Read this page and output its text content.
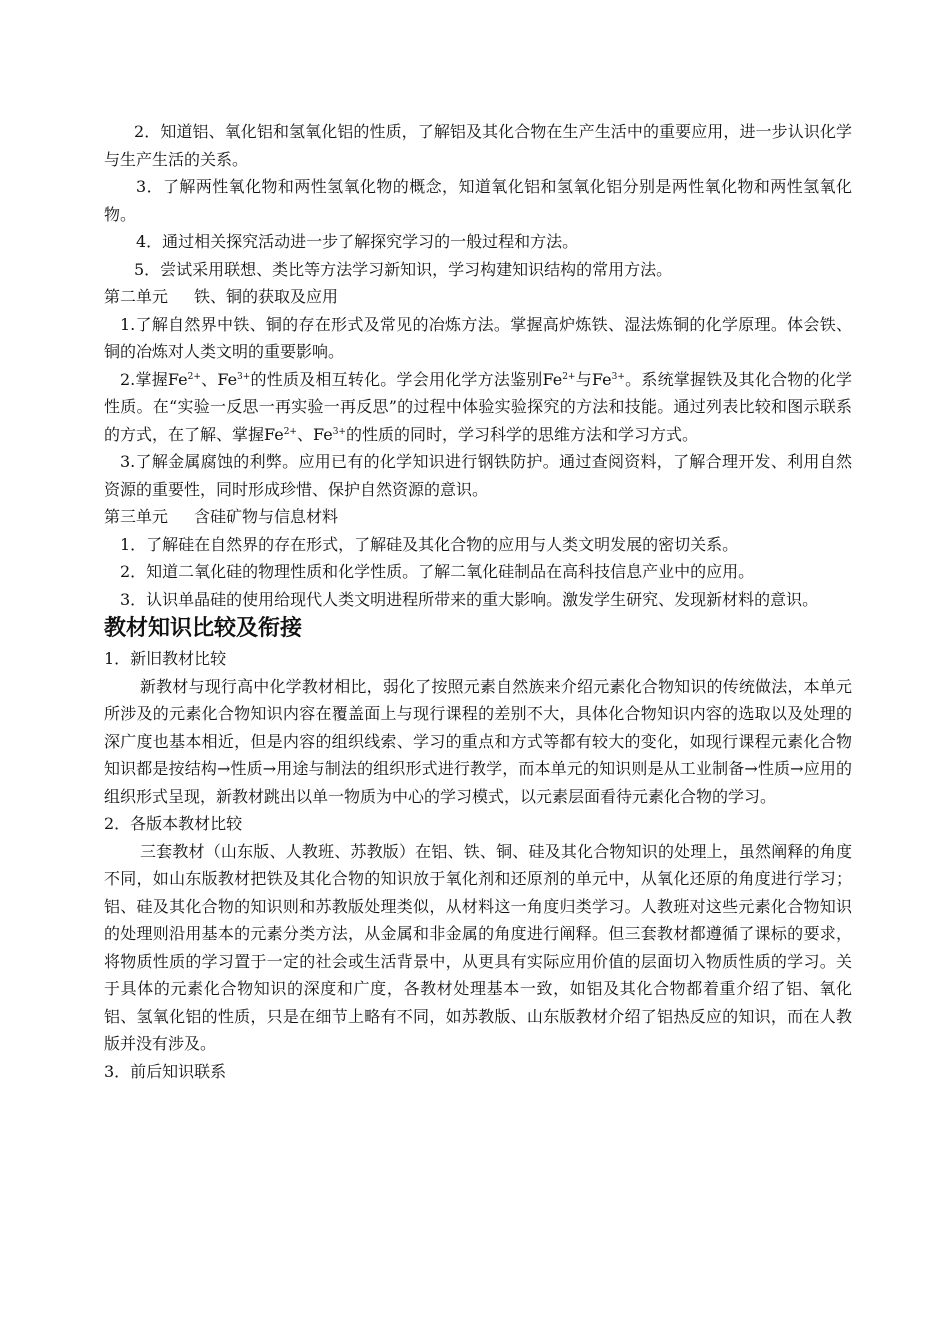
2．知道铝、氧化铝和氢氧化铝的性质，了解铝及其化合物在生产生活中的重要应用，进一步认识化学与生产生活的关系。

3．了解两性氧化物和两性氢氧化物的概念，知道氧化铝和氢氧化铝分别是两性氧化物和两性氢氧化物。

4．通过相关探究活动进一步了解探究学习的一般过程和方法。

5．尝试采用联想、类比等方法学习新知识，学习构建知识结构的常用方法。

第二单元 铁、铜的获取及应用

1.了解自然界中铁、铜的存在形式及常见的冶炼方法。掌握高炉炼铁、湿法炼铜的化学原理。体会铁、铜的冶炼对人类文明的重要影响。

2.掌握$Fe^{2+}$、$Fe^{3+}$的性质及相互转化。学会用化学方法鉴别$Fe^{2+}$与$Fe^{3+}$。系统掌握铁及其化合物的化学性质。在“实验一反思一再实验一再反思”的过程中体验实验探究的方法和技能。通过列表比较和图示联系的方式，在了解、掌握$Fe^{2+}$、$Fe^{3+}$的性质的同时，学习科学的思维方法和学习方式。

3.了解金属腐蚀的利弊。应用已有的化学知识进行钢铁防护。通过查阅资料，了解合理开发、利用自然资源的重要性，同时形成珍惜、保护自然资源的意识。

第三单元 含硅矿物与信息材料

1．了解硅在自然界的存在形式，了解硅及其化合物的应用与人类文明发展的密切关系。

2．知道二氧化硅的物理性质和化学性质。了解二氧化硅制品在高科技信息产业中的应用。

3．认识单晶硅的使用给现代人类文明进程所带来的重大影响。激发学生研究、发现新材料的意识。

教材知识比较及衔接

1．新旧教材比较

新教材与现行高中化学教材相比，弱化了按照元素自然族来介绍元素化合物知识的传统做法，本单元所涉及的元素化合物知识内容在覆盖面上与现行课程的差别不大，具体化合物知识内容的选取以及处理的深广度也基本相近，但是内容的组织线索、学习的重点和方式等都有较大的变化，如现行课程元素化合物知识都是按结构→性质→用途与制法的组织形式进行教学，而本单元的知识则是从工业制备→性质→应用的组织形式呈现，新教材跳出以单一物质为中心的学习模式，以元素层面看待元素化合物的学习。

2．各版本教材比较

三套教材（山东版、人教班、苏教版）在铝、铁、铜、硅及其化合物知识的处理上，虽然阐释的角度不同，如山东版教材把铁及其化合物的知识放于氧化剂和还原剂的单元中，从氧化还原的角度进行学习；铝、硅及其化合物的知识则和苏教版处理类似，从材料这一角度归类学习。人教班对这些元素化合物知识的处理则沿用基本的元素分类方法，从金属和非金属的角度进行阐释。但三套教材都遵循了课标的要求，将物质性质的学习置于一定的社会或生活背景中，从更具有实际应用价值的层面切入物质性质的学习。关于具体的元素化合物知识的深度和广度，各教材处理基本一致，如铝及其化合物都着重介绍了铝、氧化铝、氢氧化铝的性质，只是在细节上略有不同，如苏教版、山东版教材介绍了铝热反应的知识，而在人教版并没有涉及。

3．前后知识联系
